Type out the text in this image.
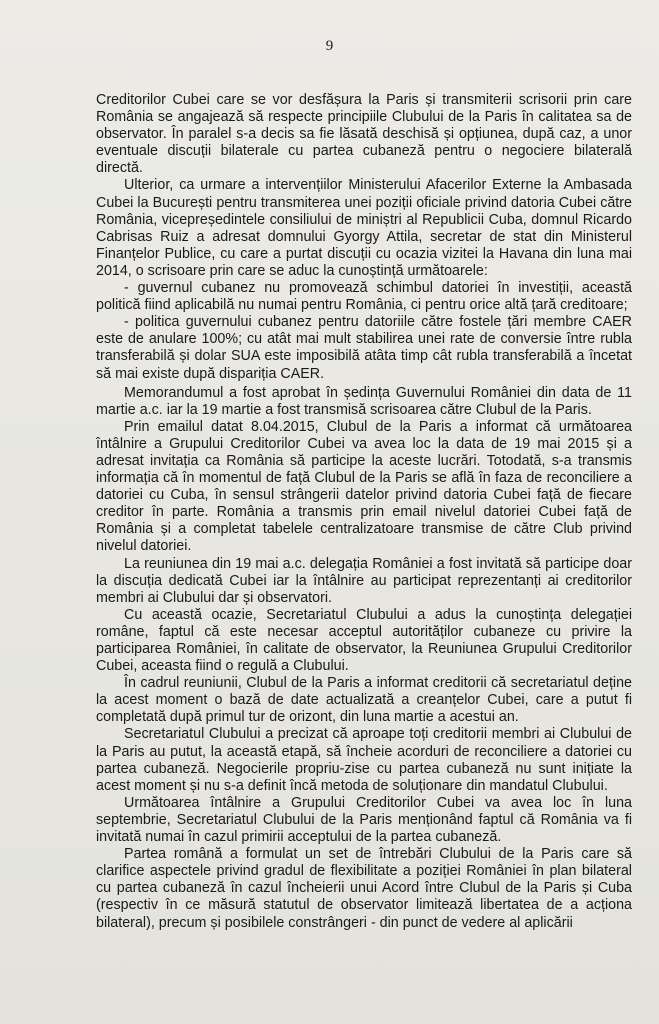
9

Creditorilor Cubei care se vor desfășura la Paris și transmiterii scrisorii prin care România se angajează să respecte principiile Clubului de la Paris în calitatea sa de observator. În paralel s-a decis sa fie lăsată deschisă și opțiunea, după caz, a unor eventuale discuții bilaterale cu partea cubaneză pentru o negociere bilaterală directă.

Ulterior, ca urmare a intervențiilor Ministerului Afacerilor Externe la Ambasada Cubei la București pentru transmiterea unei poziții oficiale privind datoria Cubei către România, vicepreședintele consiliului de miniștri al Republicii Cuba, domnul Ricardo Cabrisas Ruiz a adresat domnului Gyorgy Attila, secretar de stat din Ministerul Finanțelor Publice, cu care a purtat discuții cu ocazia vizitei la Havana din luna mai 2014, o scrisoare prin care se aduc la cunoștință următoarele:

- guvernul cubanez nu promovează schimbul datoriei în investiții, această politică fiind aplicabilă nu numai pentru România, ci pentru orice altă țară creditoare;

- politica guvernului cubanez pentru datoriile către fostele țări membre CAER este de anulare 100%; cu atât mai mult stabilirea unei rate de conversie între rubla transferabilă și dolar SUA este imposibilă atâta timp cât rubla transferabilă a încetat să mai existe după dispariția CAER.

Memorandumul a fost aprobat în ședința Guvernului României din data de 11 martie a.c. iar la 19 martie a fost transmisă scrisoarea către Clubul de la Paris.

Prin emailul datat 8.04.2015, Clubul de la Paris a informat că următoarea întâlnire a Grupului Creditorilor Cubei va avea loc la data de 19 mai 2015 și a adresat invitația ca România să participe la aceste lucrări. Totodată, s-a transmis informația că în momentul de față Clubul de la Paris se află în faza de reconciliere a datoriei cu Cuba, în sensul strângerii datelor privind datoria Cubei față de fiecare creditor în parte. România a transmis prin email nivelul datoriei Cubei față de România și a completat tabelele centralizatoare transmise de către Club privind nivelul datoriei.

La reuniunea din 19 mai a.c. delegația României a fost invitată să participe doar la discuția dedicată Cubei iar la întâlnire au participat reprezentanți ai creditorilor membri ai Clubului dar și observatori.

Cu această ocazie, Secretariatul Clubului a adus la cunoștința delegației române, faptul că este necesar acceptul autorităților cubaneze cu privire la participarea României, în calitate de observator, la Reuniunea Grupului Creditorilor Cubei, aceasta fiind o regulă a Clubului.

În cadrul reuniunii, Clubul de la Paris a informat creditorii că secretariatul deține la acest moment o bază de date actualizată a creanțelor Cubei, care a putut fi completată după primul tur de orizont, din luna martie a acestui an.

Secretariatul Clubului a precizat că aproape toți creditorii membri ai Clubului de la Paris au putut, la această etapă, să încheie acorduri de reconciliere a datoriei cu partea cubaneză. Negocierile propriu-zise cu partea cubaneză nu sunt inițiate la acest moment și nu s-a definit încă metoda de soluționare din mandatul Clubului.

Următoarea întâlnire a Grupului Creditorilor Cubei va avea loc în luna septembrie, Secretariatul Clubului de la Paris menționând faptul că România va fi invitată numai în cazul primirii acceptului de la partea cubaneză.

Partea română a formulat un set de întrebări Clubului de la Paris care să clarifice aspectele privind gradul de flexibilitate a poziției României în plan bilateral cu partea cubaneză în cazul încheierii unui Acord între Clubul de la Paris și Cuba (respectiv în ce măsură statutul de observator limitează libertatea de a acționa bilateral), precum și posibilele constrângeri - din punct de vedere al aplicării
